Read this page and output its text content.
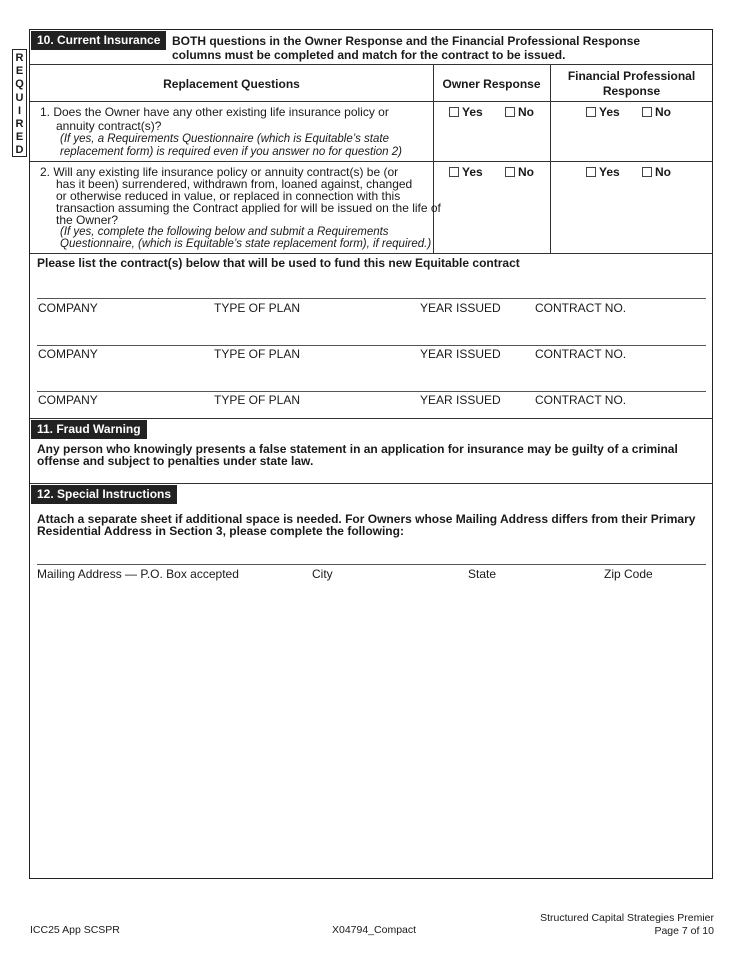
R
E
Q
U
I
R
E
D
10. Current Insurance BOTH questions in the Owner Response and the Financial Professional Response
columns must be completed and match for the contract to be issued.
Replacement Questions	Owner Response
Financial Professional
Response
1. Does the Owner have any other existing life insurance policy or
annuity contract(s)?
(If yes, a Requirements Questionnaire (which is Equitable’s state
replacement form) is required even if you answer no for question 2)
Yes	No	Yes	No
2. Will any existing life insurance policy or annuity contract(s) be (or
has it been) surrendered, withdrawn from, loaned against, changed
or otherwise reduced in value, or replaced in connection with this
transaction assuming the Contract applied for will be issued on the life of
the Owner?
(If yes, complete the following below and submit a Requirements
Questionnaire, (which is Equitable’s state replacement form), if required.)
Yes	No	Yes	No
Please list the contract(s) below that will be used to fund this new Equitable contract
COMPANY	TYPE OF PLAN	YEAR ISSUED	CONTRACT NO.
COMPANY	TYPE OF PLAN	YEAR ISSUED	CONTRACT NO.
COMPANY	TYPE OF PLAN	YEAR ISSUED	CONTRACT NO.
11. Fraud Warning
Any person who knowingly presents a false statement in an application for insurance may be guilty of a criminal
offense and subject to penalties under state law.
12. Special Instructions
Attach a separate sheet if additional space is needed. For Owners whose Mailing Address differs from their Primary
Residential Address in Section 3, please complete the following:
Mailing Address — P.O. Box accepted	City	State	Zip Code
ICC25 App SCSPR	X04794_Compact
Structured Capital Strategies Premier
Page 7 of 10
